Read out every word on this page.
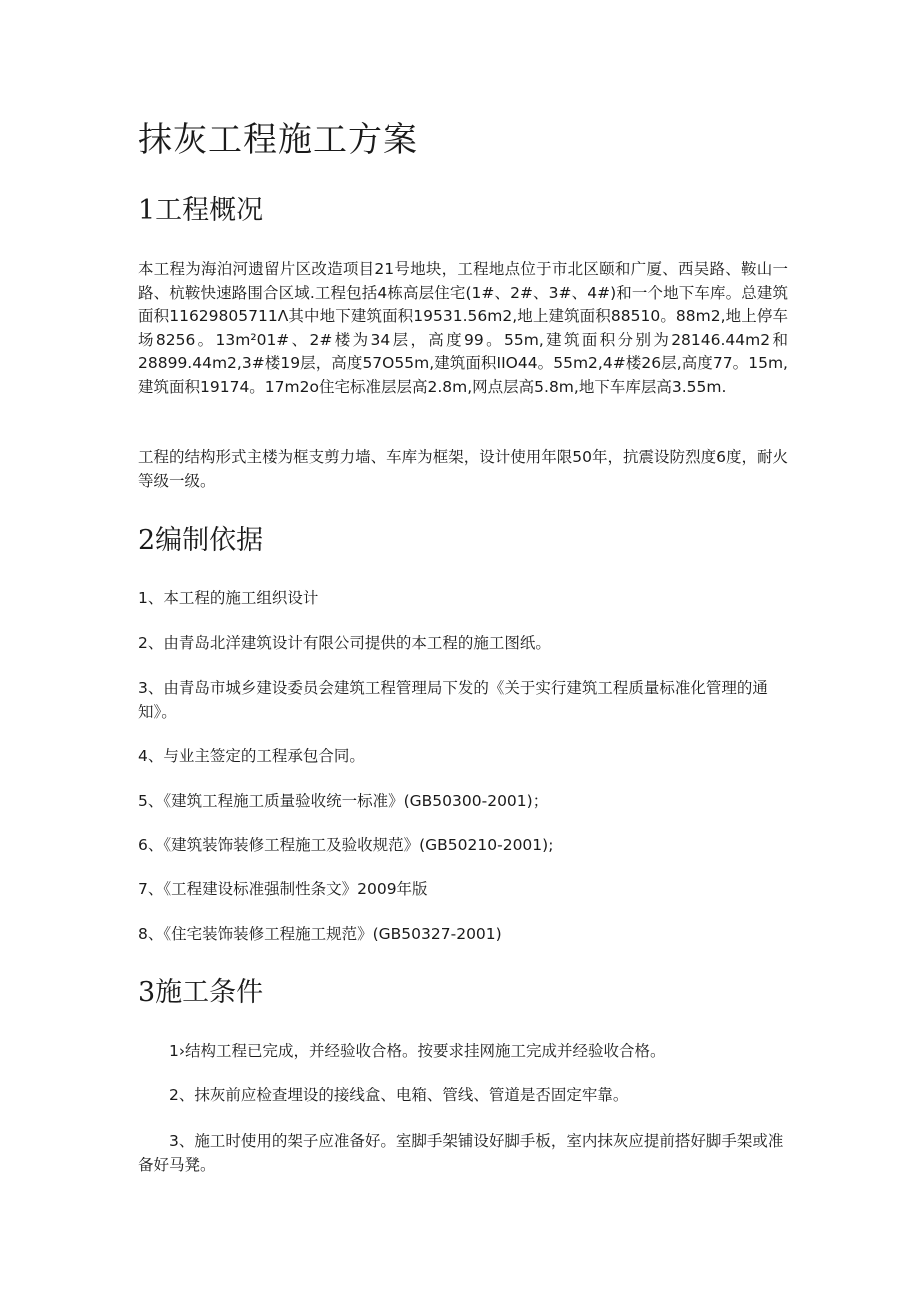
抹灰工程施工方案
1工程概况

本工程为海泊河遗留片区改造项目21号地块，工程地点位于市北区颐和广厦、西吴路、鞍山一路、杭鞍快速路围合区域.工程包括4栋高层住宅(1#、2#、3#、4#)和一个地下车库。总建筑面积11629805711Λ其中地下建筑面积19531.56m2,地上建筑面积88510。88m2,地上停车场8256。13m²01#、2#楼为34层，高度99。55m,建筑面积分别为28146.44m2和28899.44m2,3#楼19层，高度57O55m,建筑面积IIO44。55m2,4#楼26层,高度77。15m,建筑面积19174。17m2o住宅标准层层高2.8m,网点层高5.8m,地下车库层高3.55m.

工程的结构形式主楼为框支剪力墙、车库为框架，设计使用年限50年，抗震设防烈度6度，耐火等级一级。

2编制依据

1、本工程的施工组织设计

2、由青岛北洋建筑设计有限公司提供的本工程的施工图纸。

3、由青岛市城乡建设委员会建筑工程管理局下发的《关于实行建筑工程质量标准化管理的通知》。

4、与业主签定的工程承包合同。

5、《建筑工程施工质量验收统一标准》(GB50300-2001)；

6、《建筑装饰装修工程施工及验收规范》(GB50210-2001);

7、《工程建设标准强制性条文》2009年版

8、《住宅装饰装修工程施工规范》(GB50327-2001)

3施工条件

1›结构工程已完成，并经验收合格。按要求挂网施工完成并经验收合格。

2、抹灰前应检查埋设的接线盒、电箱、管线、管道是否固定牢靠。

3、施工时使用的架子应准备好。室脚手架铺设好脚手板，室内抹灰应提前搭好脚手架或准备好马凳。
